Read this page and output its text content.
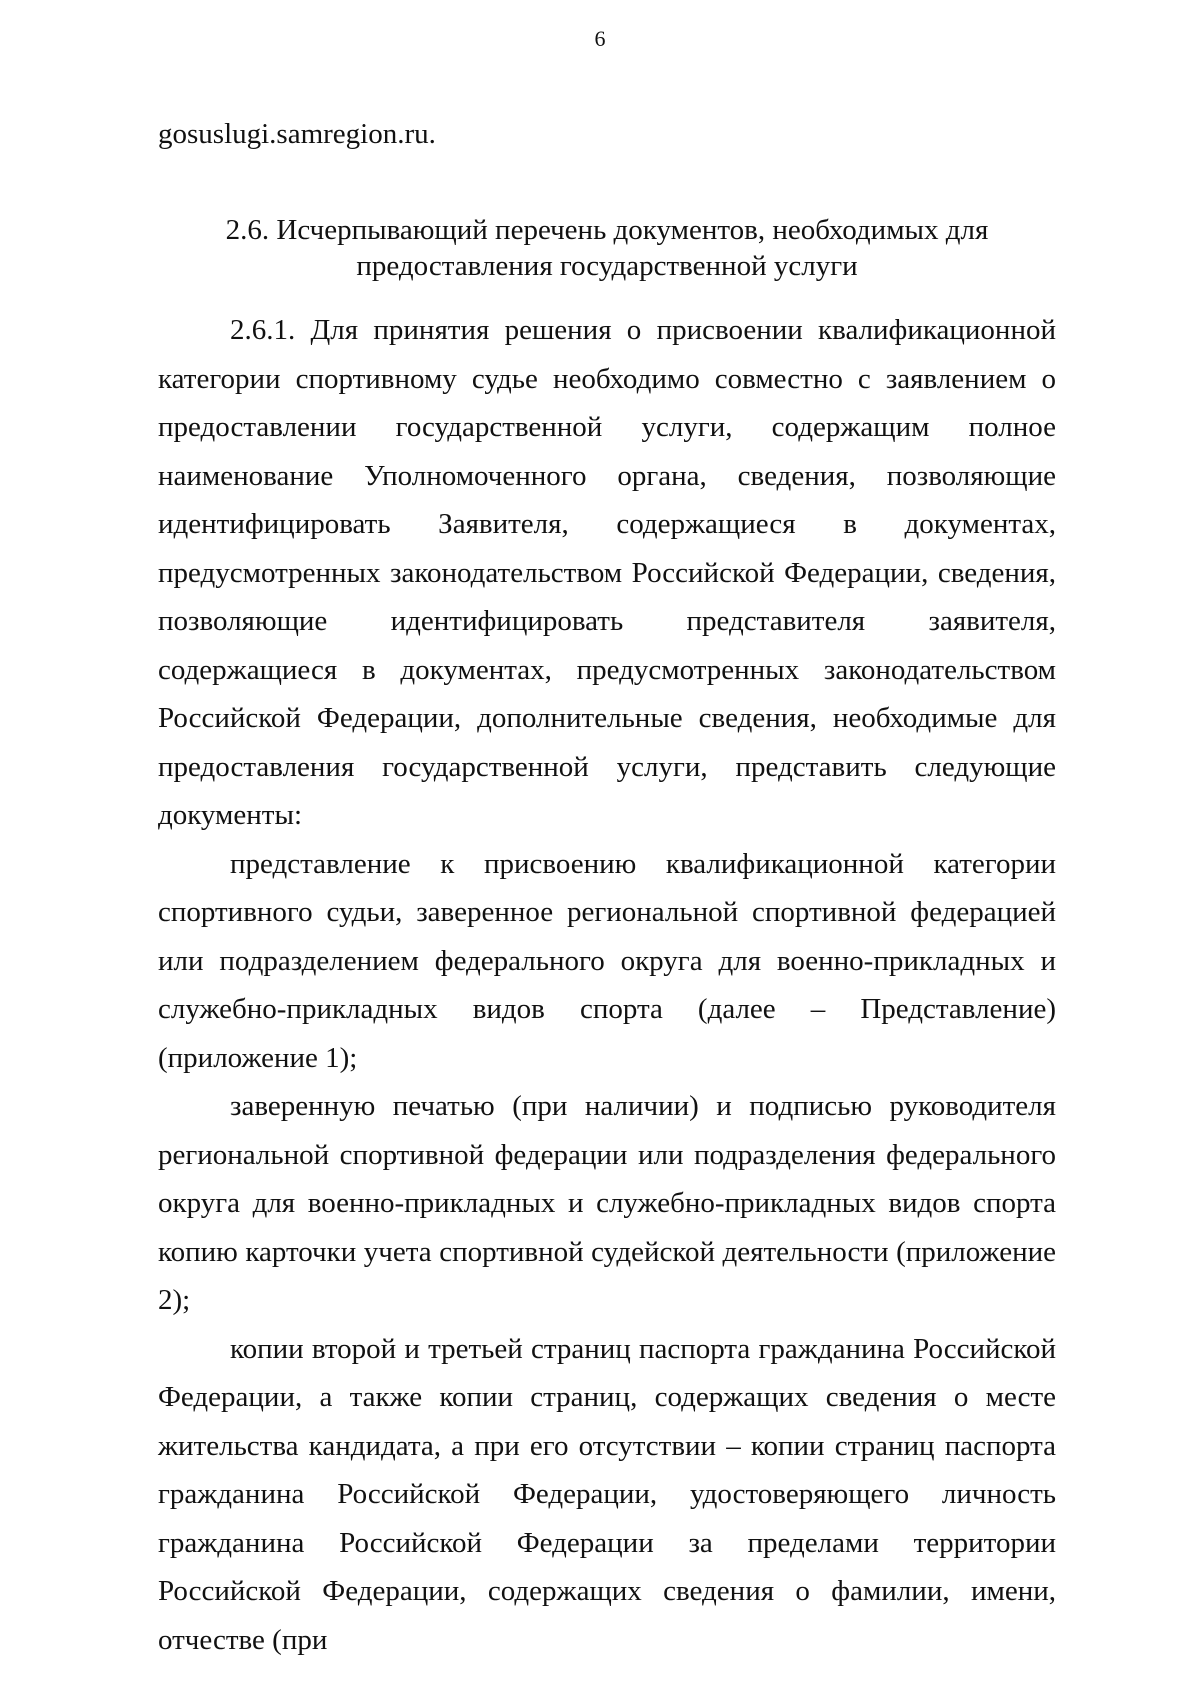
6
gosuslugi.samregion.ru.
2.6. Исчерпывающий перечень документов, необходимых для
предоставления государственной услуги

2.6.1. Для принятия решения о присвоении квалификационной категории спортивному судье необходимо совместно с заявлением о предоставлении государственной услуги, содержащим полное наименование Уполномоченного органа, сведения, позволяющие идентифицировать Заявителя, содержащиеся в документах, предусмотренных законодательством Российской Федерации, сведения, позволяющие идентифицировать представителя заявителя, содержащиеся в документах, предусмотренных законодательством Российской Федерации, дополнительные сведения, необходимые для предоставления государственной услуги, представить следующие документы:

представление к присвоению квалификационной категории спортивного судьи, заверенное региональной спортивной федерацией или подразделением федерального округа для военно-прикладных и служебно-прикладных видов спорта (далее – Представление) (приложение 1);

заверенную печатью (при наличии) и подписью руководителя региональной спортивной федерации или подразделения федерального округа для военно-прикладных и служебно-прикладных видов спорта копию карточки учета спортивной судейской деятельности (приложение 2);

копии второй и третьей страниц паспорта гражданина Российской Федерации, а также копии страниц, содержащих сведения о месте жительства кандидата, а при его отсутствии – копии страниц паспорта гражданина Российской Федерации, удостоверяющего личность гражданина Российской Федерации за пределами территории Российской Федерации, содержащих сведения о фамилии, имени, отчестве (при
